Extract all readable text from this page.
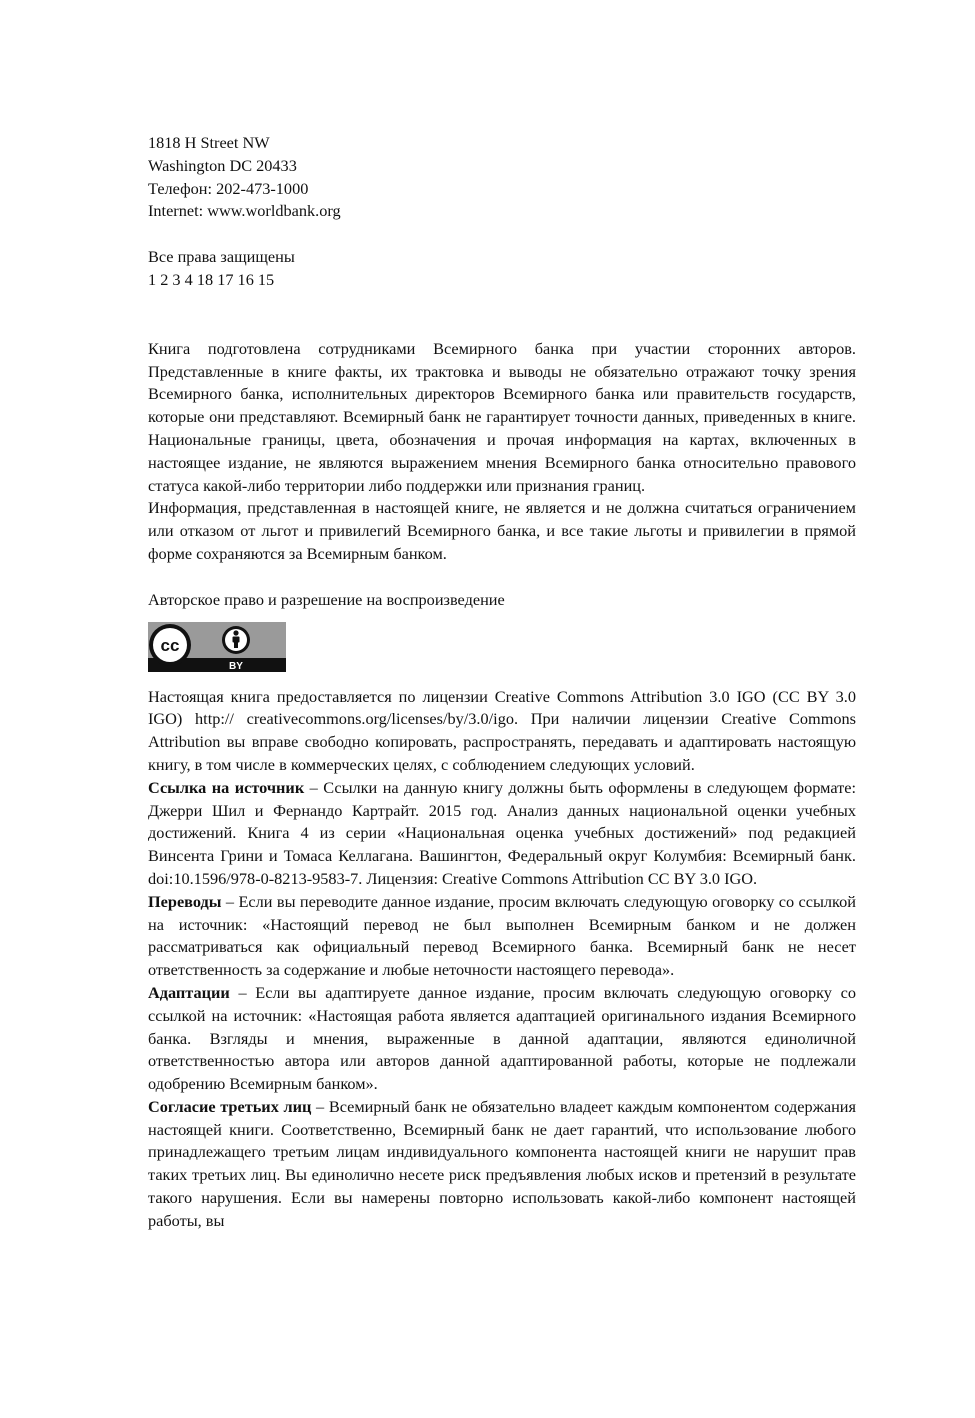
1818 H Street NW
Washington DC 20433
Телефон: 202-473-1000
Internet: www.worldbank.org
Все права защищены
1 2 3 4 18 17 16 15

Книга подготовлена сотрудниками Всемирного банка при участии сторонних авторов. Представленные в книге факты, их трактовка и выводы не обязательно отражают точку зрения Всемирного банка, исполнительных директоров Всемирного банка или правительств государств, которые они представляют. Всемирный банк не гарантирует точности данных, приведенных в книге. Национальные границы, цвета, обозначения и прочая информация на картах, включенных в настоящее издание, не являются выражением мнения Всемирного банка относительно правового статуса какой-либо территории либо поддержки или признания границ.

Информация, представленная в настоящей книге, не является и не должна считаться ограничением или отказом от льгот и привилегий Всемирного банка, и все такие льготы и привилегии в прямой форме сохраняются за Всемирным банком.

Авторское право и разрешение на воспроизведение
cc
BY

Настоящая книга предоставляется по лицензии Creative Commons Attribution 3.0 IGO (CC BY 3.0 IGO) http:// creativecommons.org/licenses/by/3.0/igo. При наличии лицензии Creative Commons Attribution вы вправе свободно копировать, распространять, передавать и адаптировать настоящую книгу, в том числе в коммерческих целях, с соблюдением следующих условий.

Ссылка на источник – Ссылки на данную книгу должны быть оформлены в следующем формате: Джерри Шил и Фернандо Картрайт. 2015 год. Анализ данных национальной оценки учебных достижений. Книга 4 из серии «Национальная оценка учебных достижений» под редакцией Винсента Грини и Томаса Келлагана. Вашингтон, Федеральный округ Колумбия: Всемирный банк. doi:10.1596/978-0-8213-9583-7. Лицензия: Creative Commons Attribution CC BY 3.0 IGO.

Переводы – Если вы переводите данное издание, просим включать следующую оговорку со ссылкой на источник: «Настоящий перевод не был выполнен Всемирным банком и не должен рассматриваться как официальный перевод Всемирного банка. Всемирный банк не несет ответственность за содержание и любые неточности настоящего перевода».

Адаптации – Если вы адаптируете данное издание, просим включать следующую оговорку со ссылкой на источник: «Настоящая работа является адаптацией оригинального издания Всемирного банка. Взгляды и мнения, выраженные в данной адаптации, являются единоличной ответственностью автора или авторов данной адаптированной работы, которые не подлежали одобрению Всемирным банком».

Согласие третьих лиц – Всемирный банк не обязательно владеет каждым компонентом содержания настоящей книги. Соответственно, Всемирный банк не дает гарантий, что использование любого принадлежащего третьим лицам индивидуального компонента настоящей книги не нарушит прав таких третьих лиц. Вы единолично несете риск предъявления любых исков и претензий в результате такого нарушения. Если вы намерены повторно использовать какой-либо компонент настоящей работы, вы
